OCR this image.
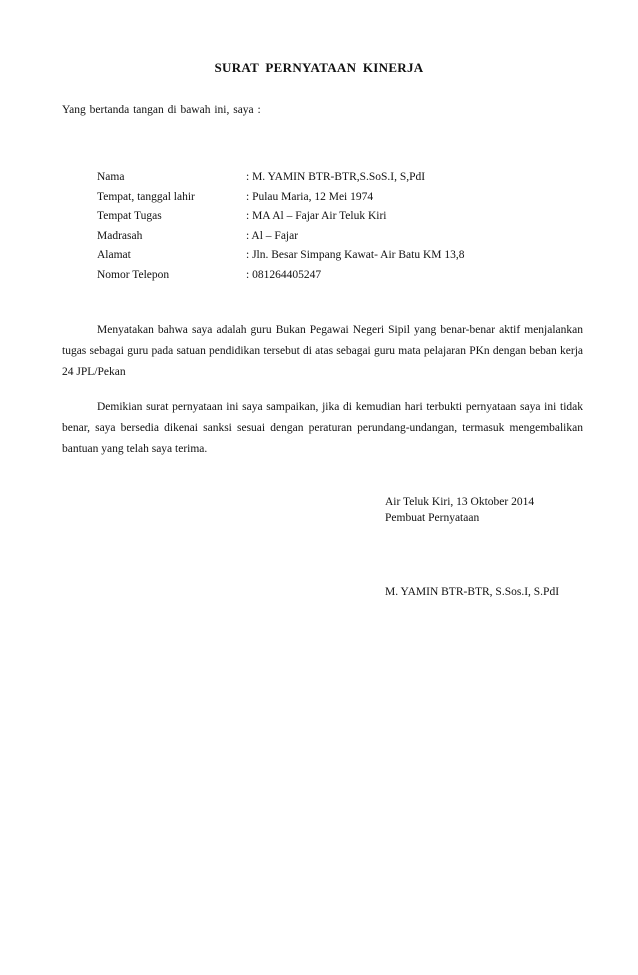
SURAT PERNYATAAN KINERJA
Yang bertanda tangan di bawah ini, saya :
Nama	: M. YAMIN BTR-BTR,S.SoS.I, S,PdI
Tempat, tanggal lahir	: Pulau Maria, 12 Mei 1974
Tempat Tugas	: MA Al – Fajar Air Teluk Kiri
Madrasah	: Al – Fajar
Alamat	: Jln. Besar Simpang Kawat- Air Batu KM 13,8
Nomor Telepon	: 081264405247

Menyatakan bahwa saya adalah guru Bukan Pegawai Negeri Sipil yang benar-benar aktif menjalankan tugas sebagai guru pada satuan pendidikan tersebut di atas sebagai guru mata pelajaran PKn dengan beban kerja 24 JPL/Pekan

Demikian surat pernyataan ini saya sampaikan, jika di kemudian hari terbukti pernyataan saya ini tidak benar, saya bersedia dikenai sanksi sesuai dengan peraturan perundang-undangan, termasuk mengembalikan bantuan yang telah saya terima.

Air Teluk Kiri, 13 Oktober 2014
Pembuat Pernyataan
M. YAMIN BTR-BTR, S.Sos.I, S.PdI
